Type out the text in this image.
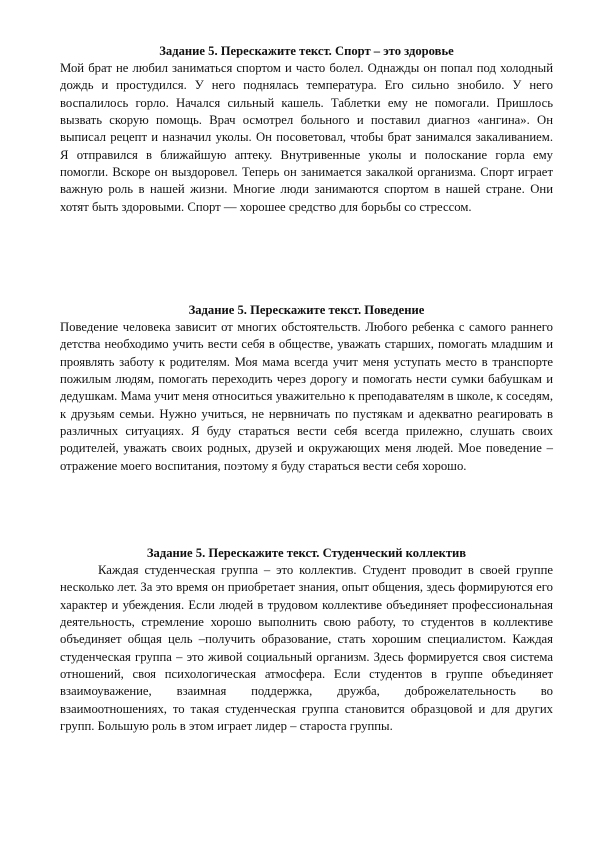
Задание 5. Перескажите текст. Спорт – это здоровье

Мой брат не любил заниматься спортом и часто болел. Однажды он попал под холодный дождь и простудился. У него поднялась температура. Его сильно знобило. У него воспалилось горло. Начался сильный кашель. Таблетки ему не помогали. Пришлось вызвать скорую помощь. Врач осмотрел больного и поставил диагноз «ангина». Он выписал рецепт и назначил уколы. Он посоветовал, чтобы брат занимался закаливанием. Я отправился в ближайшую аптеку. Внутривенные уколы и полоскание горла ему помогли. Вскоре он выздоровел. Теперь он занимается закалкой организма. Спорт играет важную роль в нашей жизни. Многие люди занимаются спортом в нашей стране. Они хотят быть здоровыми. Спорт — хорошее средство для борьбы со стрессом.

Задание 5. Перескажите текст. Поведение

Поведение человека зависит от многих обстоятельств. Любого ребенка с самого раннего детства необходимо учить вести себя в обществе, уважать старших, помогать младшим и проявлять заботу к родителям. Моя мама всегда учит меня уступать место в транспорте пожилым людям, помогать переходить через дорогу и помогать нести сумки бабушкам и дедушкам. Мама учит меня относиться уважительно к преподавателям в школе, к соседям, к друзьям семьи. Нужно учиться, не нервничать по пустякам и адекватно реагировать в различных ситуациях. Я буду стараться вести себя всегда прилежно, слушать своих родителей, уважать своих родных, друзей и окружающих меня людей. Мое поведение – отражение моего воспитания, поэтому я буду стараться вести себя хорошо.

Задание 5. Перескажите текст. Студенческий коллектив

Каждая студенческая группа – это коллектив. Студент проводит в своей группе несколько лет. За это время он приобретает знания, опыт общения, здесь формируются его характер и убеждения. Если людей в трудовом коллективе объединяет профессиональная деятельность, стремление хорошо выполнить свою работу, то студентов в коллективе объединяет общая цель –получить образование, стать хорошим специалистом. Каждая студенческая группа – это живой социальный организм. Здесь формируется своя система отношений, своя психологическая атмосфера. Если студентов в группе объединяет взаимоуважение, взаимная поддержка, дружба, доброжелательность во взаимоотношениях, то такая студенческая группа становится образцовой и для других групп. Большую роль в этом играет лидер – староста группы.
